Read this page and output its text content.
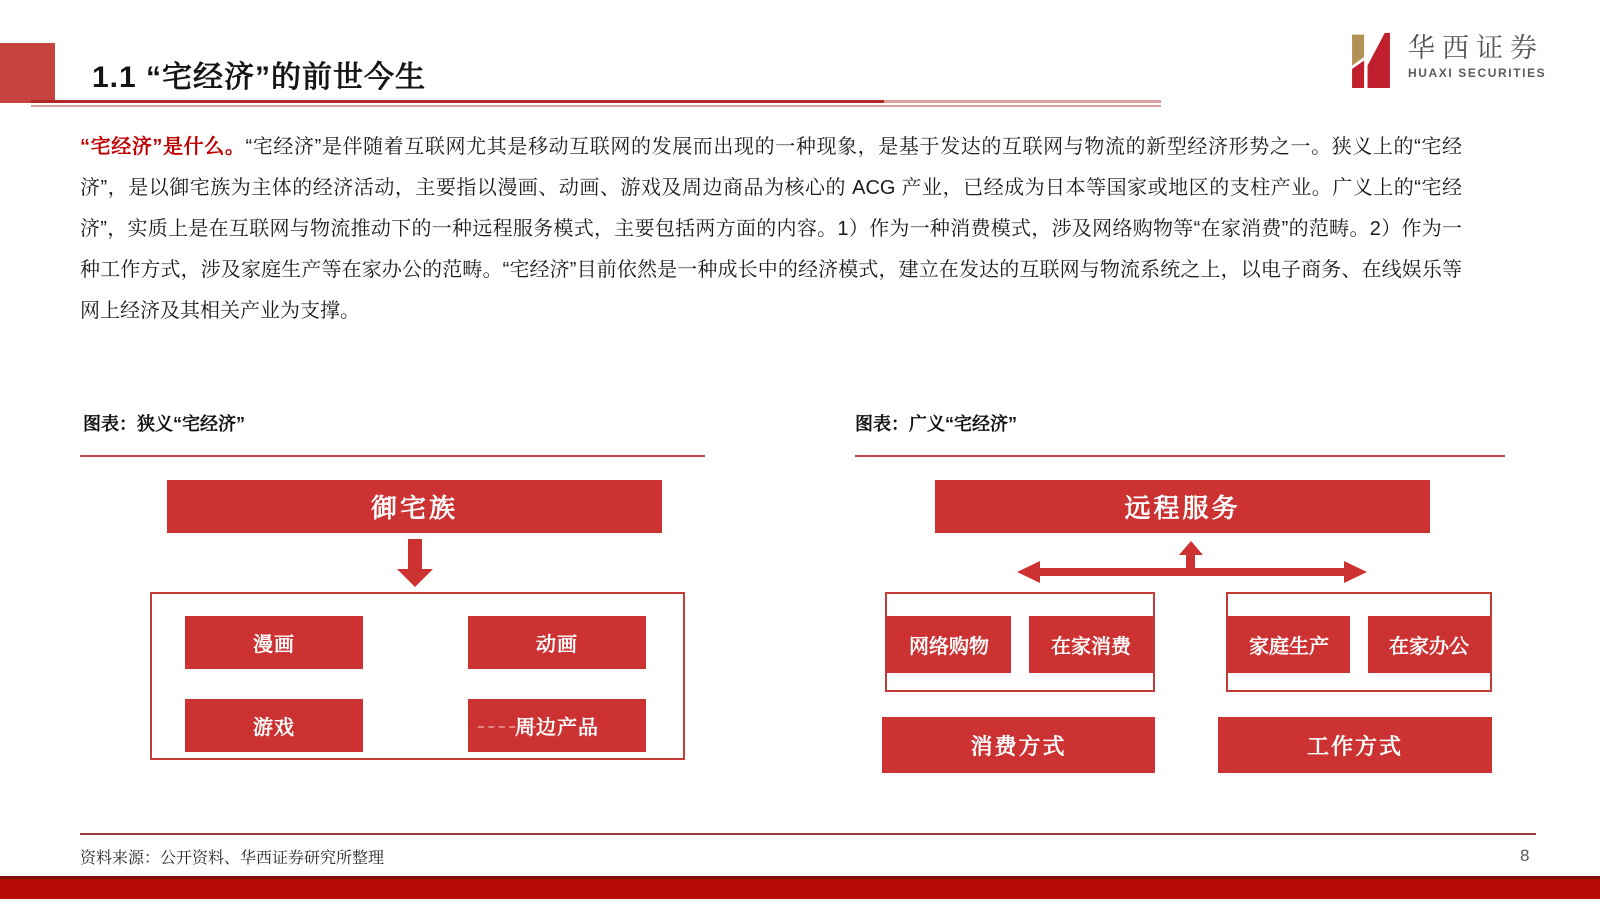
1.1 “宅经济”的前世今生
华西证券
HUAXI SECURITIES
“宅经济”是什么。“宅经济”是伴随着互联网尤其是移动互联网的发展而出现的一种现象，是基于发达的互联网与物流的新型经济形势之一。狭义上的“宅经济”，是以御宅族为主体的经济活动，主要指以漫画、动画、游戏及周边商品为核心的 ACG 产业，已经成为日本等国家或地区的支柱产业。广义上的“宅经济”，实质上是在互联网与物流推动下的一种远程服务模式，主要包括两方面的内容。1）作为一种消费模式，涉及网络购物等“在家消费”的范畴。2）作为一种工作方式，涉及家庭生产等在家办公的范畴。“宅经济”目前依然是一种成长中的经济模式，建立在发达的互联网与物流系统之上，以电子商务、在线娱乐等网上经济及其相关产业为支撑。
图表：狭义“宅经济”	图表：广义“宅经济”
御宅族
漫画	动画
游戏	周边产品
远程服务
网络购物	在家消费	家庭生产	在家办公
消费方式	工作方式
资料来源：公开资料、华西证券研究所整理	8
